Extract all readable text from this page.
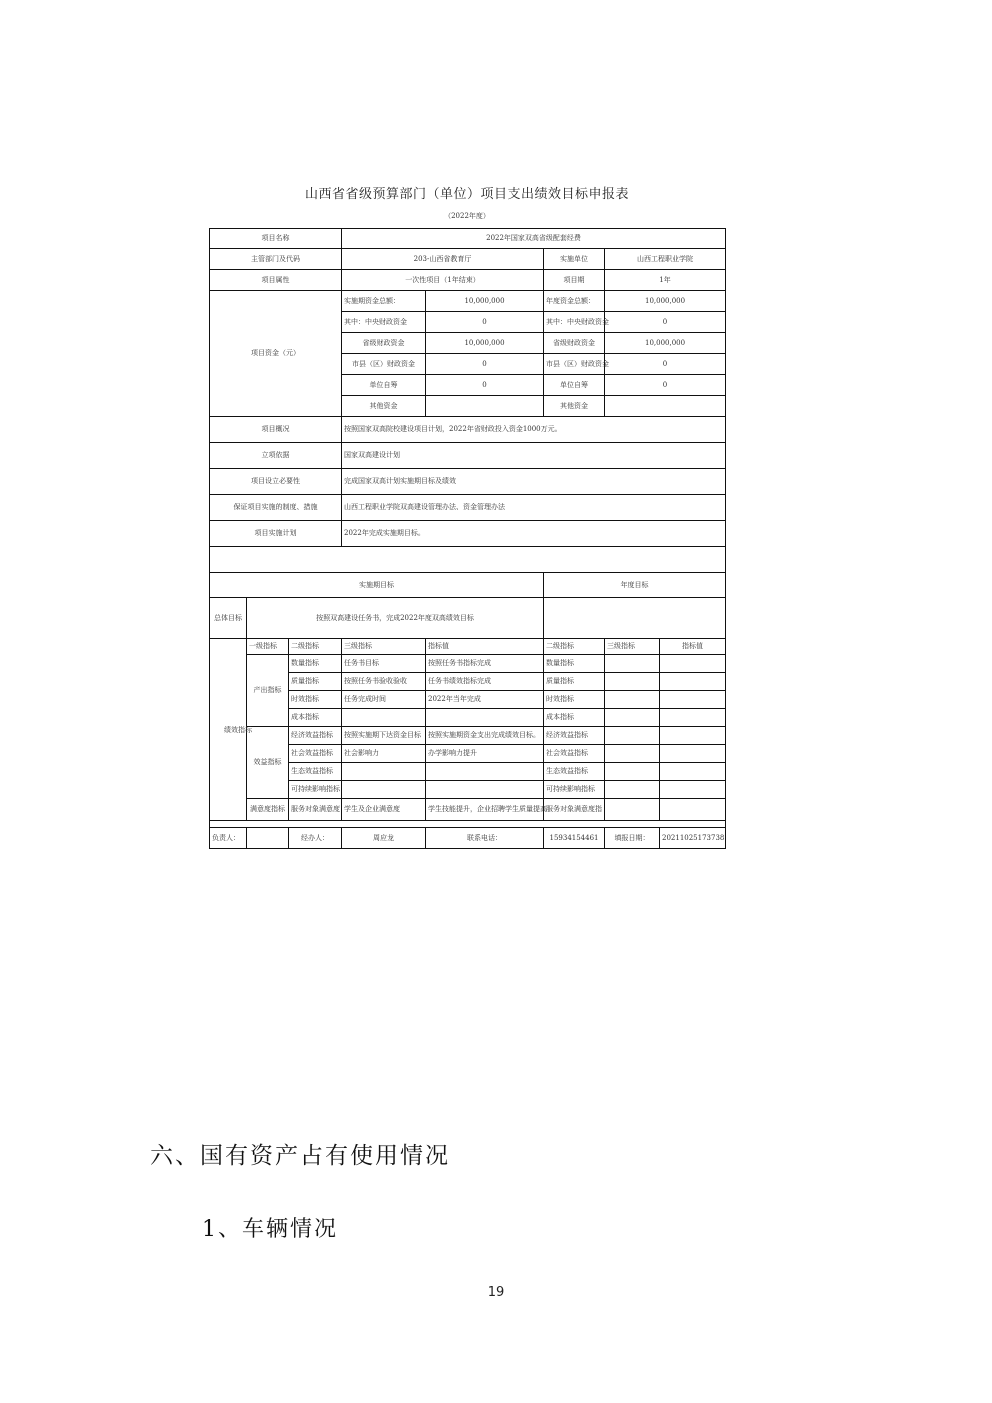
山西省省级预算部门（单位）项目支出绩效目标申报表
（2022年度）
项目名称			2022年国家双高省级配套经费				
主管部门及代码			203-山西省教育厅		实施单位	山西工程职业学院	
项目属性			一次性项目（1年结束）		项目期	1年	
项目资金（元）			实施期资金总额：	10,000,000	年度资金总额：	10,000,000	
			其中：中央财政资金	0	其中：中央财政资金	0	
			省级财政资金	10,000,000	省级财政资金	10,000,000	
			市县（区）财政资金	0	市县（区）财政资金	0	
			单位自筹	0	单位自筹	0	
			其他资金		其他资金		
项目概况			按照国家双高院校建设项目计划，2022年省财政投入资金1000万元。				
立项依据			国家双高建设计划				
项目设立必要性			完成国家双高计划实施期目标及绩效				
保证项目实施的制度、措施			山西工程职业学院双高建设管理办法、资金管理办法				
项目实施计划			2022年完成实施期目标。				

实施期目标					年度目标		
总体目标	按照双高建设任务书，完成2022年度双高绩效目标						
绩效指标	一级指标	二级指标	三级指标	指标值	二级指标	三级指标	指标值
	产出指标	数量指标	任务书目标	按照任务书指标完成	数量指标		
		质量指标	按照任务书验收验收	任务书绩效指标完成	质量指标		
		时效指标	任务完成时间	2022年当年完成	时效指标		
		成本指标			成本指标		
	效益指标	经济效益指标	按照实施期下达资金目标	按照实施期资金支出完成绩效目标。	经济效益指标		
		社会效益指标	社会影响力	办学影响力提升	社会效益指标		
		生态效益指标			生态效益指标		
		可持续影响指标			可持续影响指标		
	满意度指标	服务对象满意度	学生及企业满意度	学生技能提升，企业招聘学生质量提高	服务对象满意度指		

负责人：		经办人：	周应龙	联系电话：	15934154461	填报日期：	20211025173738
六、国有资产占有使用情况
1、车辆情况
19
